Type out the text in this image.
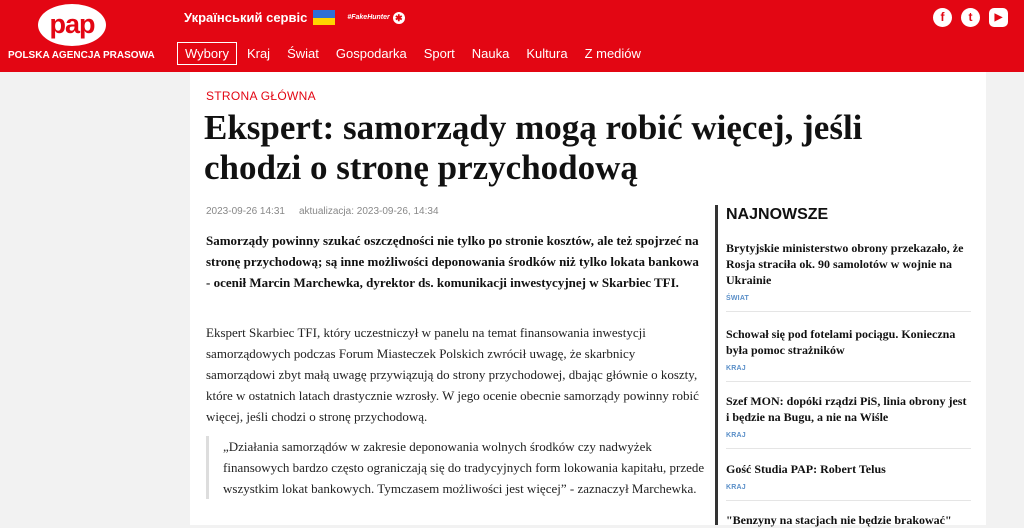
pap
POLSKA AGENCJA PRASOWA
Український сервіс	#FakeHunter ✱
Wybory	Kraj	Świat	Gospodarka	Sport	Nauka	Kultura	Z mediów
f	t	▶
STRONA GŁÓWNA
Ekspert: samorządy mogą robić więcej, jeśli chodzi o stronę przychodową
2023-09-26 14:31 aktualizacja: 2023-09-26, 14:34

Samorządy powinny szukać oszczędności nie tylko po stronie kosztów, ale też spojrzeć na stronę przychodową; są inne możliwości deponowania środków niż tylko lokata bankowa - ocenił Marcin Marchewka, dyrektor ds. komunikacji inwestycyjnej w Skarbiec TFI.

Ekspert Skarbiec TFI, który uczestniczył w panelu na temat finansowania inwestycji samorządowych podczas Forum Miasteczek Polskich zwrócił uwagę, że skarbnicy samorządowi zbyt małą uwagę przywiązują do strony przychodowej, dbając głównie o koszty, które w ostatnich latach drastycznie wzrosły. W jego ocenie obecnie samorządy powinny robić więcej, jeśli chodzi o stronę przychodową.

„Działania samorządów w zakresie deponowania wolnych środków czy nadwyżek finansowych bardzo często ograniczają się do tradycyjnych form lokowania kapitału, przede wszystkim lokat bankowych. Tymczasem możliwości jest więcej” - zaznaczył Marchewka.
NAJNOWSZE
Brytyjskie ministerstwo obrony przekazało, że Rosja straciła ok. 90 samolotów w wojnie na Ukrainie
ŚWIAT
Schował się pod fotelami pociągu. Konieczna była pomoc strażników
KRAJ
Szef MON: dopóki rządzi PiS, linia obrony jest i będzie na Bugu, a nie na Wiśle
KRAJ
Gość Studia PAP: Robert Telus
KRAJ
"Benzyny na stacjach nie będzie brakować"
